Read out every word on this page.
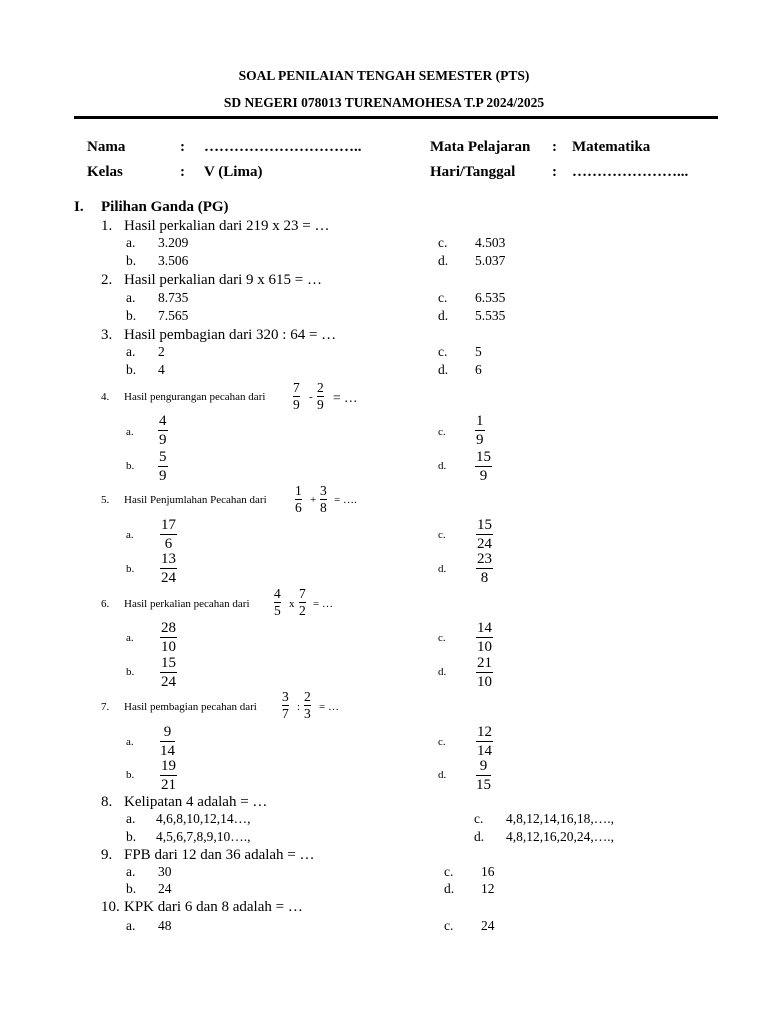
SOAL PENILAIAN TENGAH SEMESTER (PTS)
SD NEGERI 078013 TURENAMOHESA T.P 2024/2025
Nama	: …………………………..
Kelas	: V (Lima)
Mata Pelajaran : Matematika
Hari/Tanggal : …………………...
I. Pilihan Ganda (PG)
1. Hasil perkalian dari 219 x 23 = …
a. 3.209
b. 3.506
c. 4.503
d. 5.037
2. Hasil perkalian dari 9 x 615 = …
a. 8.735
b. 7.565
c. 6.535
d. 5.535
3. Hasil pembagian dari 320 : 64 = …
a. 2
b. 4
c. 5
d. 6
4. Hasil pengurangan pecahan dari
7
9 -
2
9 = …
a.
4
9
b.
5
9
c.
1
9
d.
15
9
5. Hasil Penjumlahan Pecahan dari
1
6 +
3
8 = ….
a.
17
6
b.
13
24
c.
15
24
d.
23
8
6. Hasil perkalian pecahan dari
4
5 x
7
2 = …
a.
28
10
b.
15
24
c.
14
10
d.
21
10
7. Hasil pembagian pecahan dari
3
7 :
2
3 = …
a.
9
14
b.
19
21
c.
12
14
d.
9
15
8. Kelipatan 4 adalah = …
a. 4,6,8,10,12,14…,
b. 4,5,6,7,8,9,10….,
c. 4,8,12,14,16,18,….,
d. 4,8,12,16,20,24,….,
9. FPB dari 12 dan 36 adalah = …
a. 30
b. 24
c. 16
d. 12
10. KPK dari 6 dan 8 adalah = …
a. 48	c. 24
